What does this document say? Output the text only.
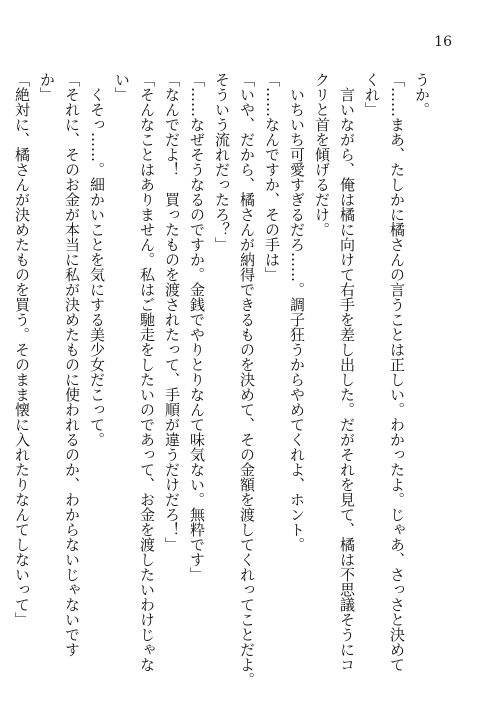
16
うか。
「……まあ、たしかに橘さんの言うことは正しい。わかったよ。じゃあ、さっさと決めて
くれ」
言いながら、俺は橘に向けて右手を差し出した。だがそれを見て、橘は不思議そうにコ
クリと首を傾げるだけ。
いちいち可愛すぎるだろ……。調子狂うからやめてくれよ、ホント。
「……なんですか、その手は」
「いや、だから、橘さんが納得できるものを決めて、その金額を渡してくれってことだよ。
そういう流れだったろ？」
「……なぜそうなるのですか。金銭でやりとりなんて味気ない。無粋です」
「なんでだよ！　買ったものを渡されたって、手順が違うだけだろ！」
「そんなことはありません。私はご馳走をしたいのであって、お金を渡したいわけじゃな
い」
くそっ……。細かいことを気にする美少女だこって。
「それに、そのお金が本当に私が決めたものに使われるのか、わからないじゃないです
か」
「絶対に、橘さんが決めたものを買う。そのまま懐に入れたりなんてしないって」
